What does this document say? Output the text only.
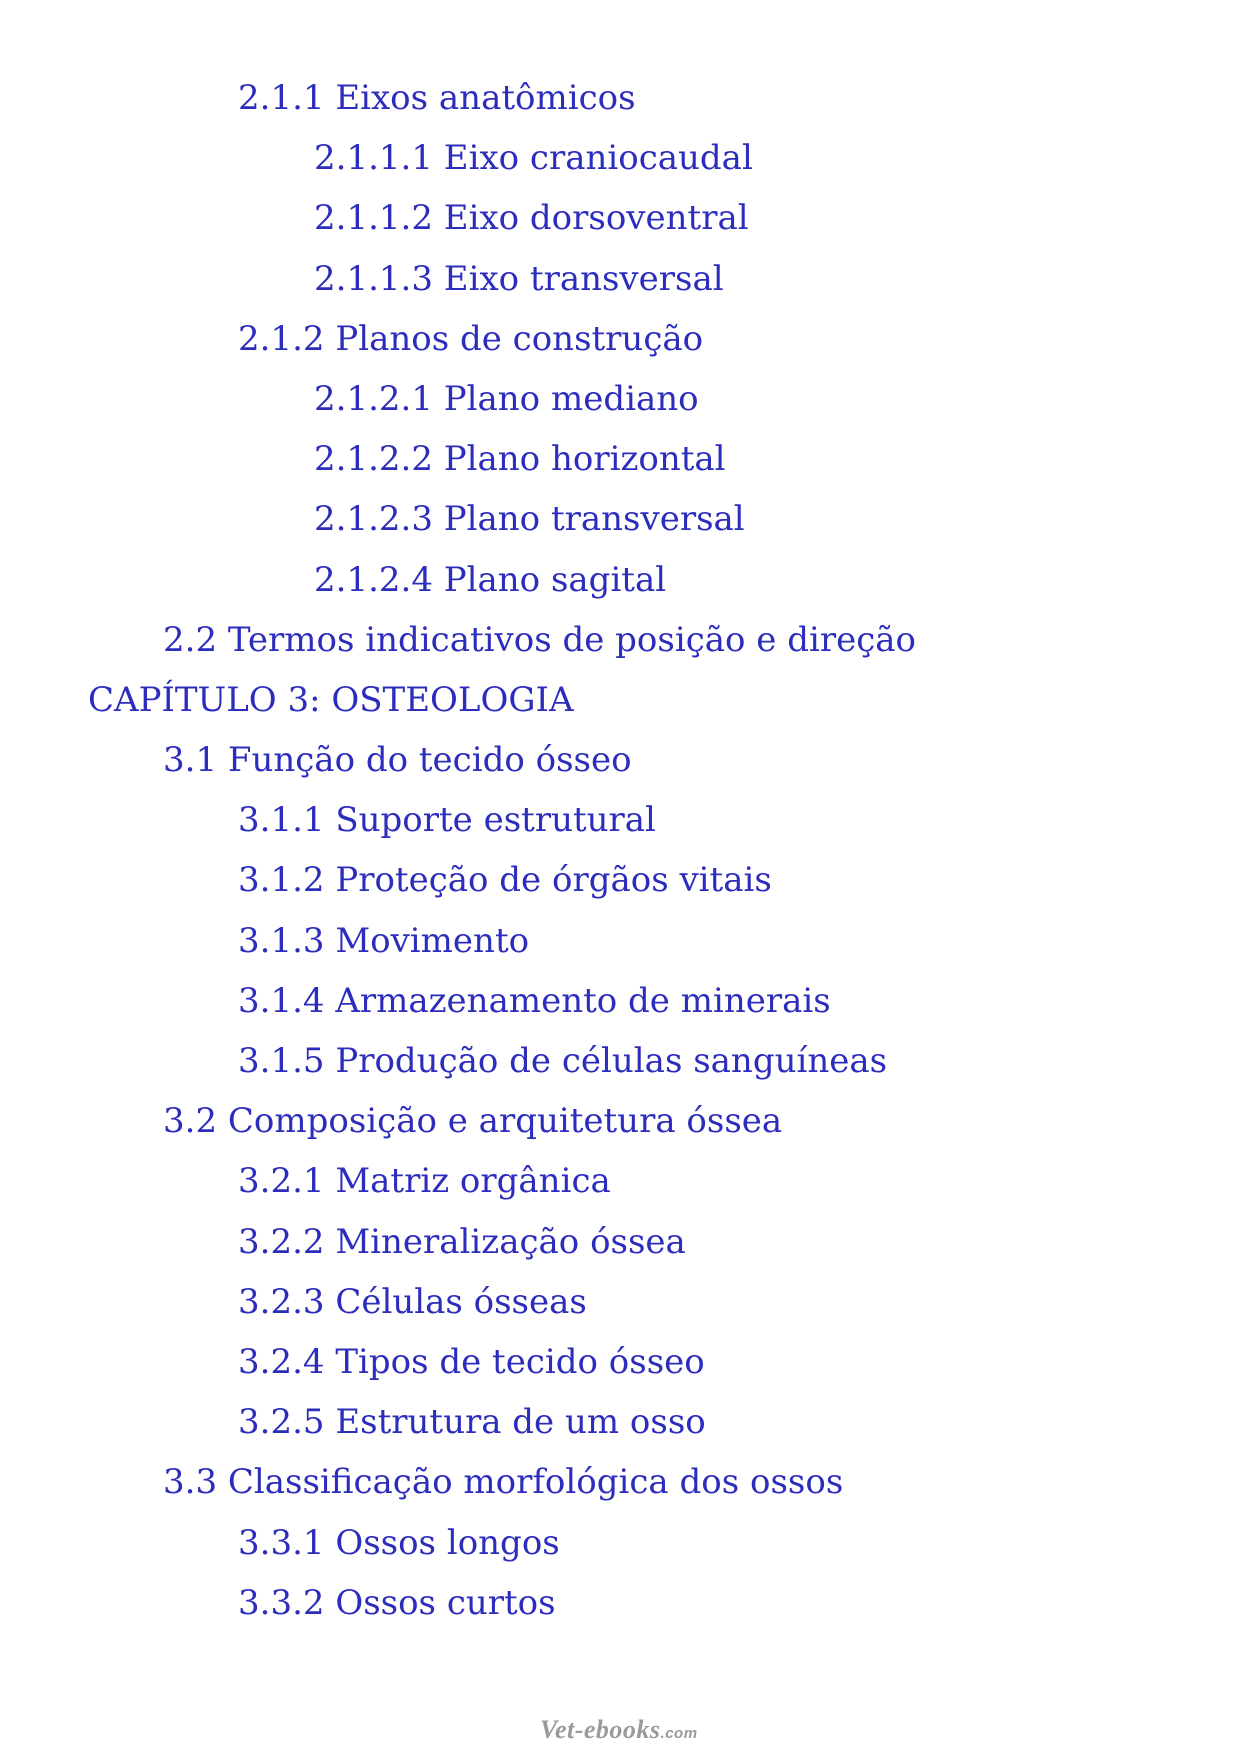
2.1.1 Eixos anatômicos
2.1.1.1 Eixo craniocaudal
2.1.1.2 Eixo dorsoventral
2.1.1.3 Eixo transversal
2.1.2 Planos de construção
2.1.2.1 Plano mediano
2.1.2.2 Plano horizontal
2.1.2.3 Plano transversal
2.1.2.4 Plano sagital
2.2 Termos indicativos de posição e direção
CAPÍTULO 3: OSTEOLOGIA
3.1 Função do tecido ósseo
3.1.1 Suporte estrutural
3.1.2 Proteção de órgãos vitais
3.1.3 Movimento
3.1.4 Armazenamento de minerais
3.1.5 Produção de células sanguíneas
3.2 Composição e arquitetura óssea
3.2.1 Matriz orgânica
3.2.2 Mineralização óssea
3.2.3 Células ósseas
3.2.4 Tipos de tecido ósseo
3.2.5 Estrutura de um osso
3.3 Classificação morfológica dos ossos
3.3.1 Ossos longos
3.3.2 Ossos curtos
Vet-ebooks.com
